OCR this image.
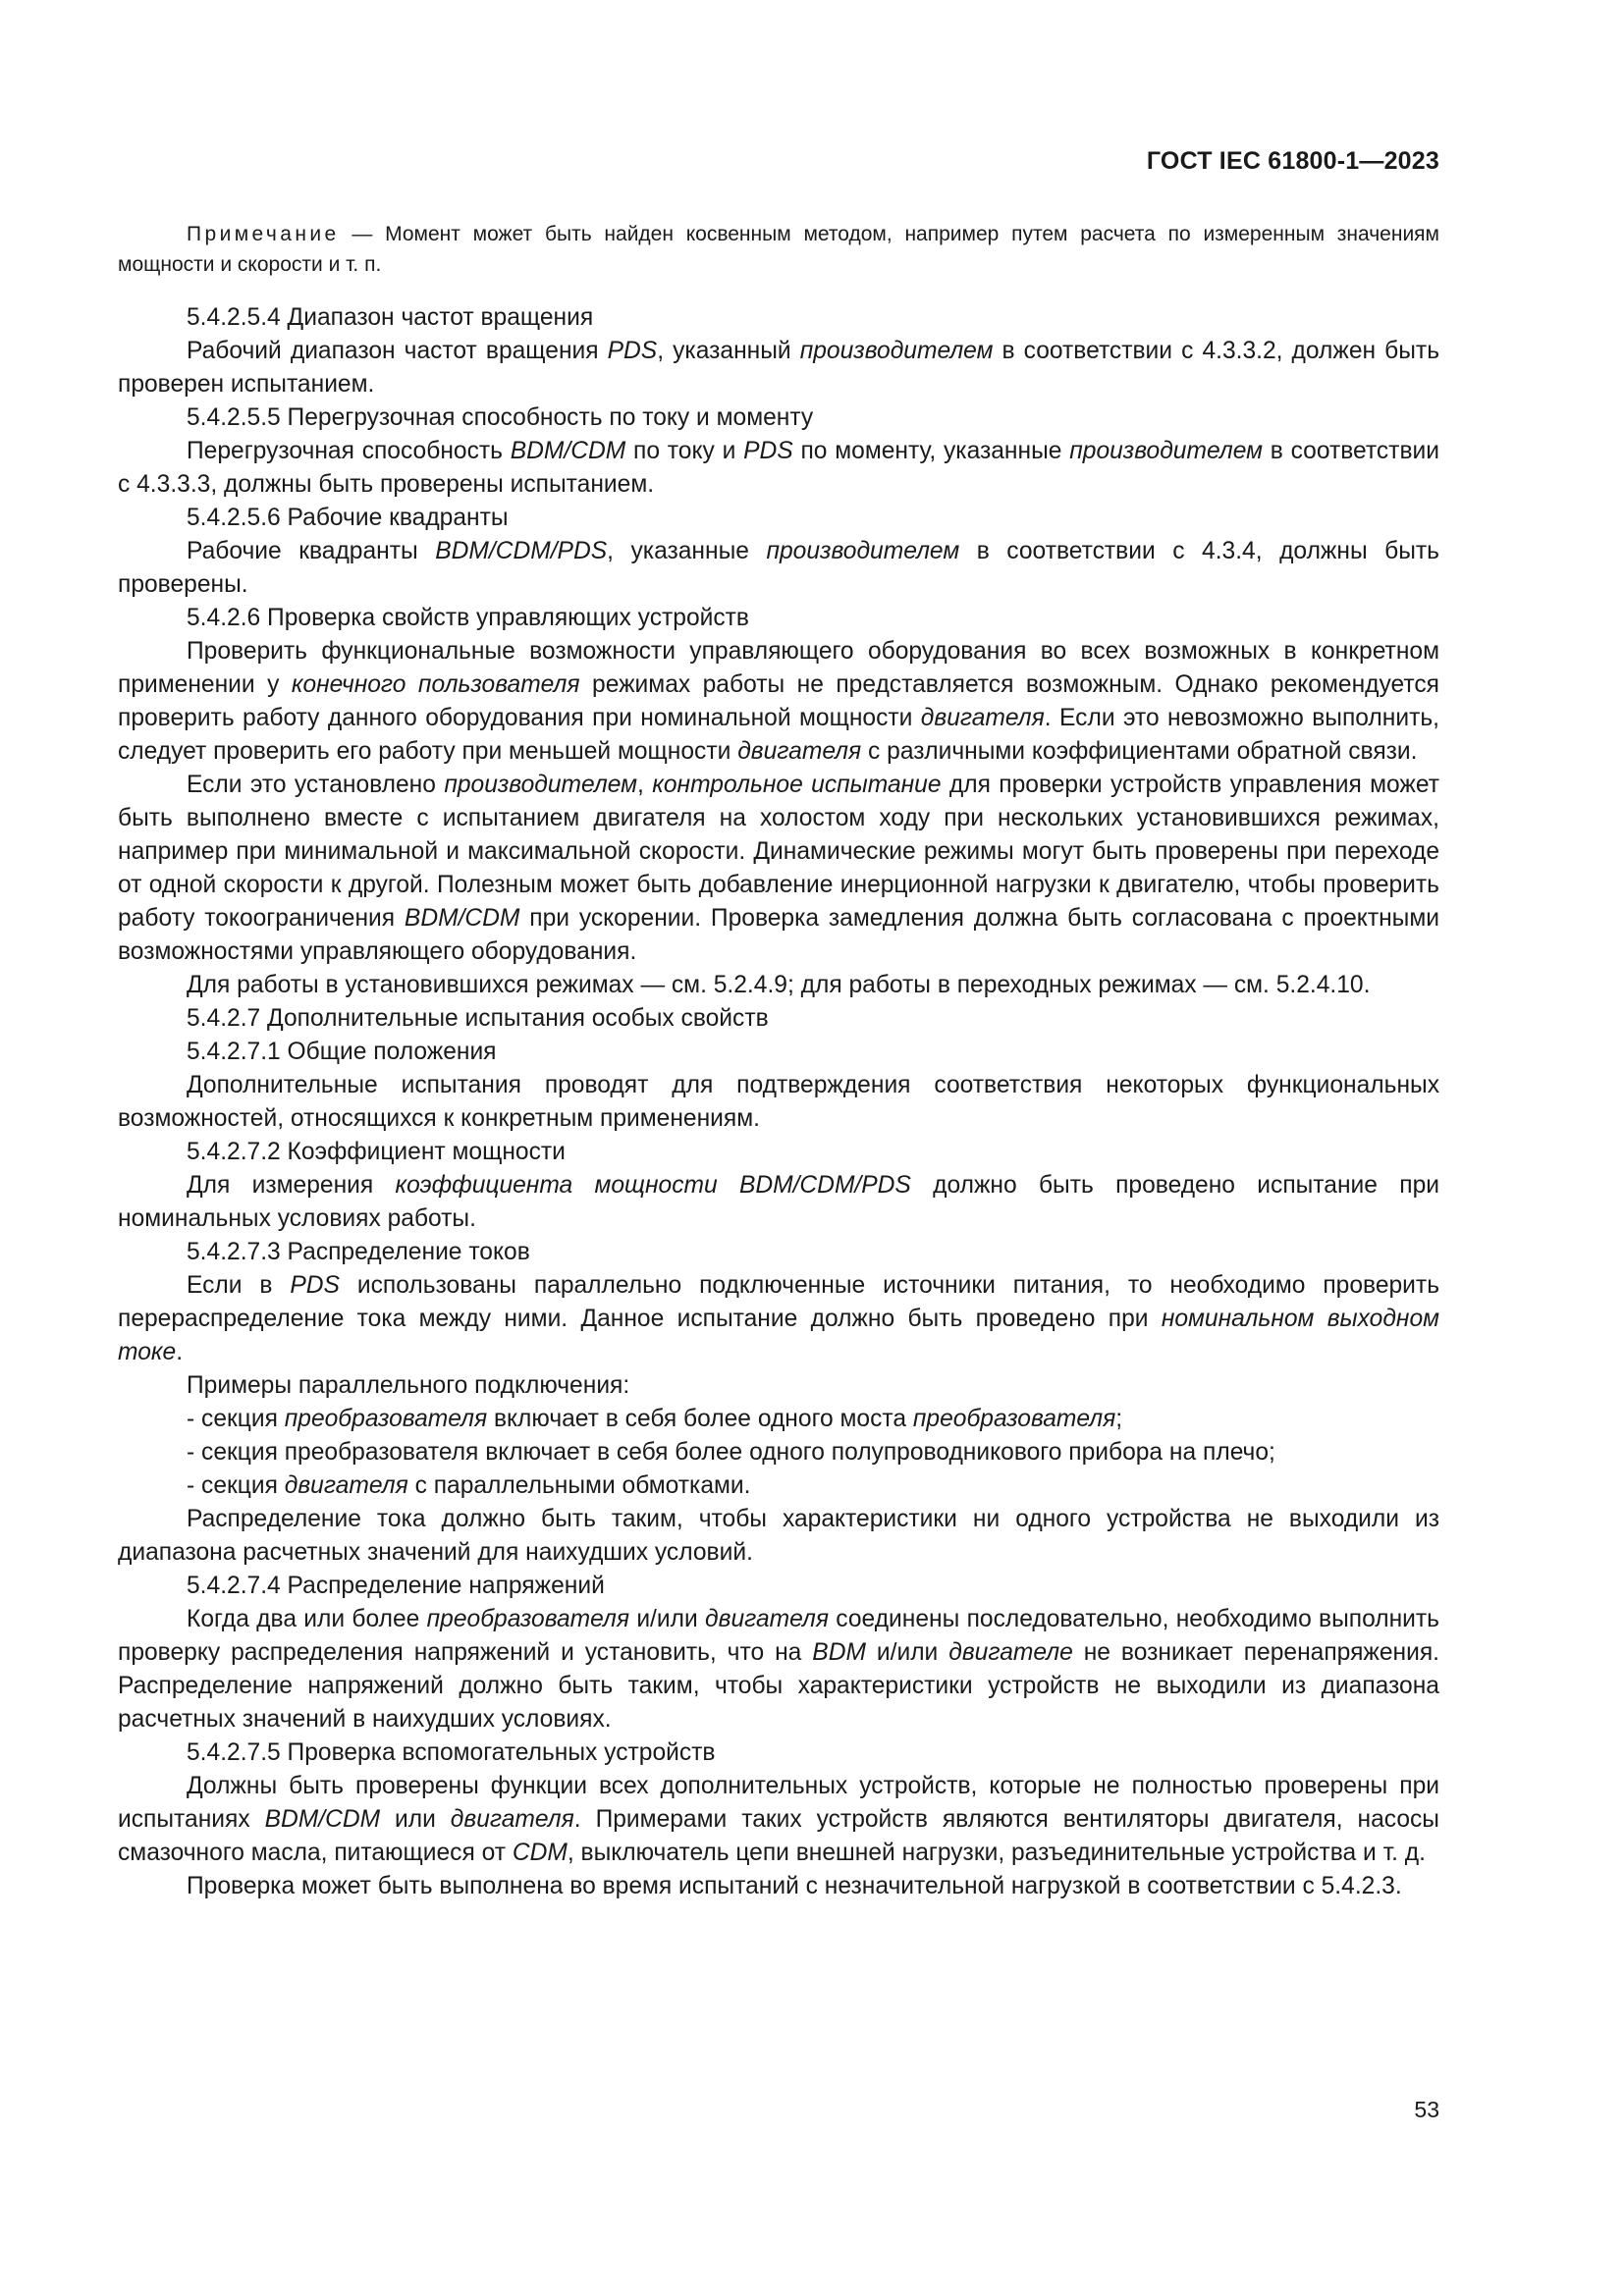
ГОСТ IEC 61800-1—2023

Примечание — Момент может быть найден косвенным методом, например путем расчета по измеренным значениям мощности и скорости и т. п.

5.4.2.5.4 Диапазон частот вращения

Рабочий диапазон частот вращения PDS, указанный производителем в соответствии с 4.3.3.2, должен быть проверен испытанием.

5.4.2.5.5 Перегрузочная способность по току и моменту

Перегрузочная способность BDM/CDM по току и PDS по моменту, указанные производителем в соответствии с 4.3.3.3, должны быть проверены испытанием.

5.4.2.5.6 Рабочие квадранты

Рабочие квадранты BDM/CDM/PDS, указанные производителем в соответствии с 4.3.4, должны быть проверены.

5.4.2.6 Проверка свойств управляющих устройств

Проверить функциональные возможности управляющего оборудования во всех возможных в конкретном применении у конечного пользователя режимах работы не представляется возможным. Однако рекомендуется проверить работу данного оборудования при номинальной мощности двигателя. Если это невозможно выполнить, следует проверить его работу при меньшей мощности двигателя с различными коэффициентами обратной связи.

Если это установлено производителем, контрольное испытание для проверки устройств управления может быть выполнено вместе с испытанием двигателя на холостом ходу при нескольких установившихся режимах, например при минимальной и максимальной скорости. Динамические режимы могут быть проверены при переходе от одной скорости к другой. Полезным может быть добавление инерционной нагрузки к двигателю, чтобы проверить работу токоограничения BDM/CDM при ускорении. Проверка замедления должна быть согласована с проектными возможностями управляющего оборудования.

Для работы в установившихся режимах — см. 5.2.4.9; для работы в переходных режимах — см. 5.2.4.10.

5.4.2.7 Дополнительные испытания особых свойств

5.4.2.7.1 Общие положения

Дополнительные испытания проводят для подтверждения соответствия некоторых функциональных возможностей, относящихся к конкретным применениям.

5.4.2.7.2 Коэффициент мощности

Для измерения коэффициента мощности BDM/CDM/PDS должно быть проведено испытание при номинальных условиях работы.

5.4.2.7.3 Распределение токов

Если в PDS использованы параллельно подключенные источники питания, то необходимо проверить перераспределение тока между ними. Данное испытание должно быть проведено при номинальном выходном токе.

Примеры параллельного подключения:

- секция преобразователя включает в себя более одного моста преобразователя;

- секция преобразователя включает в себя более одного полупроводникового прибора на плечо;

- секция двигателя с параллельными обмотками.

Распределение тока должно быть таким, чтобы характеристики ни одного устройства не выходили из диапазона расчетных значений для наихудших условий.

5.4.2.7.4 Распределение напряжений

Когда два или более преобразователя и/или двигателя соединены последовательно, необходимо выполнить проверку распределения напряжений и установить, что на BDM и/или двигателе не возникает перенапряжения. Распределение напряжений должно быть таким, чтобы характеристики устройств не выходили из диапазона расчетных значений в наихудших условиях.

5.4.2.7.5 Проверка вспомогательных устройств

Должны быть проверены функции всех дополнительных устройств, которые не полностью проверены при испытаниях BDM/CDM или двигателя. Примерами таких устройств являются вентиляторы двигателя, насосы смазочного масла, питающиеся от CDM, выключатель цепи внешней нагрузки, разъединительные устройства и т. д.

Проверка может быть выполнена во время испытаний с незначительной нагрузкой в соответствии с 5.4.2.3.

53
